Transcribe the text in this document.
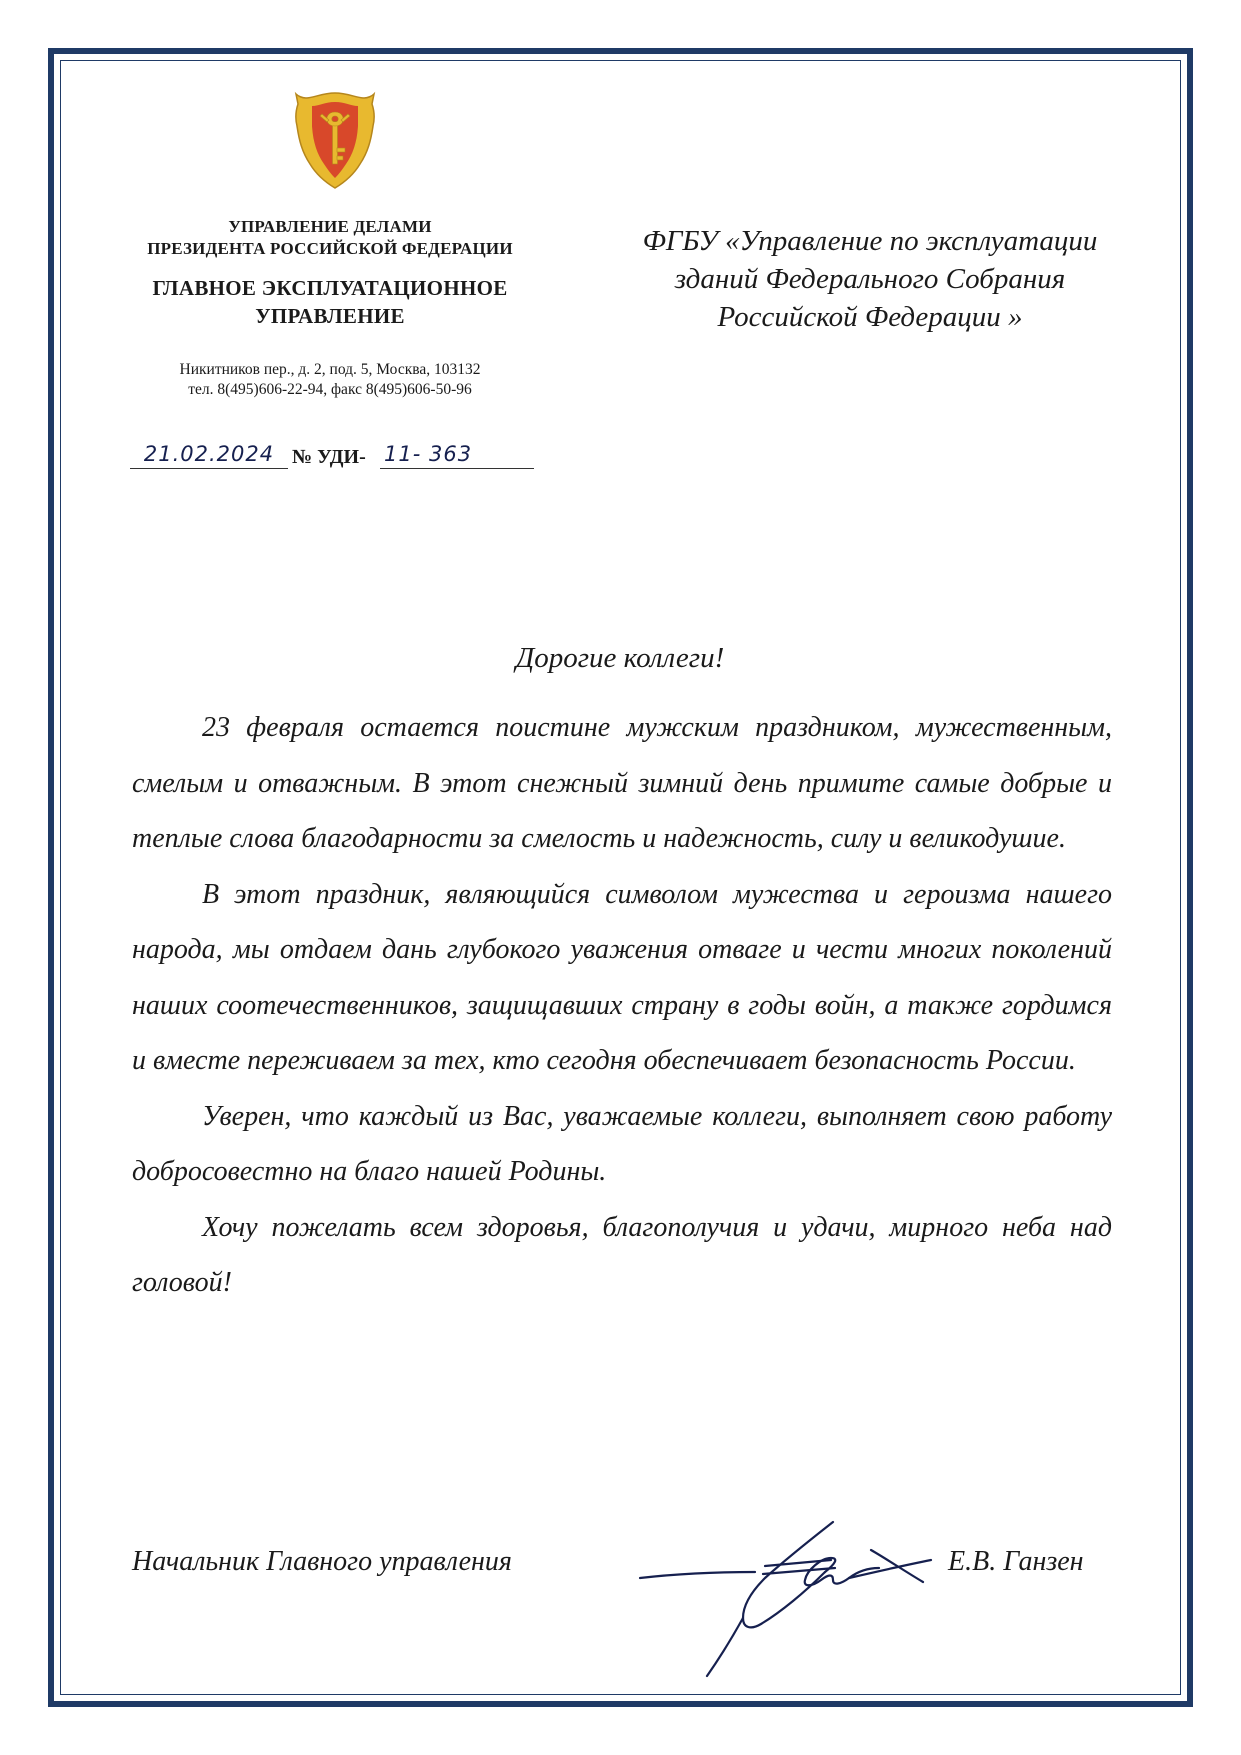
УПРАВЛЕНИЕ ДЕЛАМИ
ПРЕЗИДЕНТА РОССИЙСКОЙ ФЕДЕРАЦИИ
ГЛАВНОЕ ЭКСПЛУАТАЦИОННОЕ
УПРАВЛЕНИЕ
Никитников пер., д. 2, под. 5, Москва, 103132
тел. 8(495)606-22-94, факс 8(495)606-50-96
21.02.2024 № УДИ- 11- 363
ФГБУ «Управление по эксплуатации
зданий Федерального Собрания
Российской Федерации »
Дорогие коллеги!

23 февраля остается поистине мужским праздником, мужественным, смелым и отважным. В этот снежный зимний день примите самые добрые и теплые слова благодарности за смелость и надежность, силу и великодушие.

В этот праздник, являющийся символом мужества и героизма нашего народа, мы отдаем дань глубокого уважения отваге и чести многих поколений наших соотечественников, защищавших страну в годы войн, а также гордимся и вместе переживаем за тех, кто сегодня обеспечивает безопасность России.

Уверен, что каждый из Вас, уважаемые коллеги, выполняет свою работу добросовестно на благо нашей Родины.

Хочу пожелать всем здоровья, благополучия и удачи, мирного неба над головой!

Начальник Главного управления	Е.В. Ганзен
